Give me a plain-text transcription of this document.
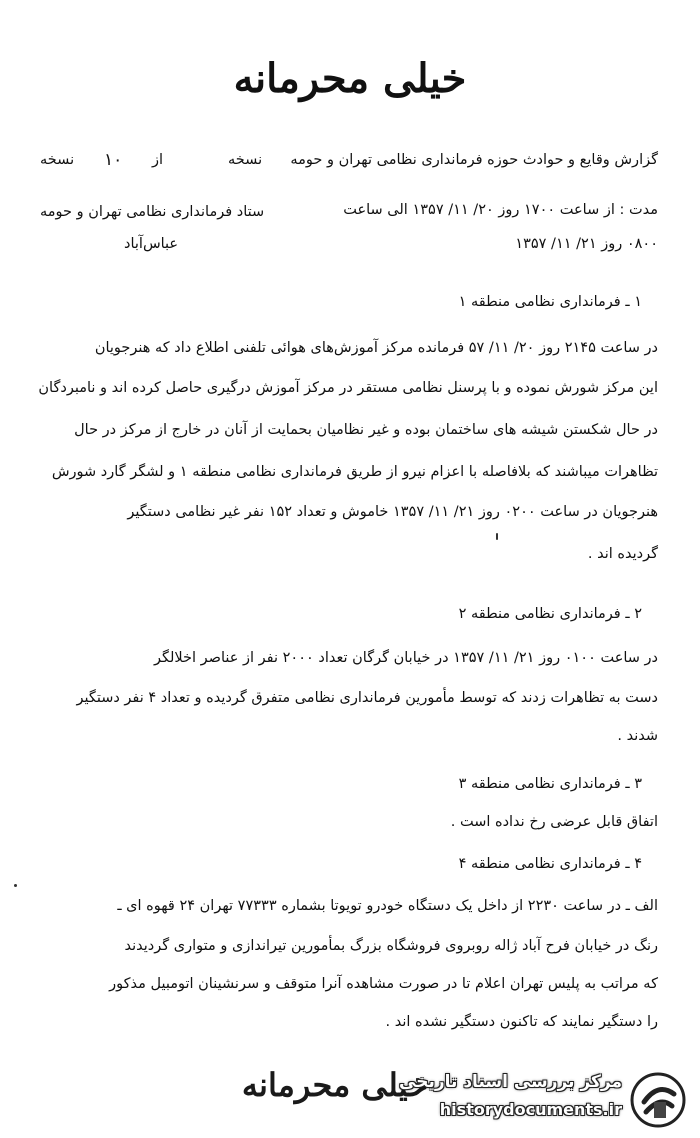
خیلی محرمانه
گزارش وقایع و حوادث حوزه فرمانداری نظامی تهران و حومه
نسخه
از
۱۰
نسخه
مدت : از ساعت ۱۷۰۰ روز ۲۰/ ۱۱/ ۱۳۵۷ الی ساعت
ستاد فرمانداری نظامی تهران و حومه
۰۸۰۰ روز ۲۱/ ۱۱/ ۱۳۵۷
عباس‌آباد
۱ ـ فرمانداری نظامی منطقه ۱
در ساعت ۲۱۴۵ روز ۲۰/ ۱۱/ ۵۷ فرمانده مرکز آموزش‌های هوائی تلفنی اطلاع داد که هنرجویان
این مرکز شورش نموده و با پرسنل نظامی مستقر در مرکز آموزش درگیری حاصل کرده اند و نامبردگان
در حال شکستن شیشه های ساختمان بوده و غیر نظامیان بحمایت از آنان در خارج از مرکز در حال
تظاهرات میباشند که بلافاصله با اعزام نیرو از طریق فرمانداری نظامی منطقه ۱ و لشگر گارد شورش
هنرجویان در ساعت ۰۲۰۰ روز ۲۱/ ۱۱/ ۱۳۵۷ خاموش و تعداد ۱۵۲ نفر غیر نظامی دستگیر
گردیده اند .
۲ ـ فرمانداری نظامی منطقه ۲
در ساعت ۰۱۰۰ روز ۲۱/ ۱۱/ ۱۳۵۷ در خیابان گرگان تعداد ۲۰۰۰ نفر از عناصر اخلالگر
دست به تظاهرات زدند که توسط مأمورین فرمانداری نظامی متفرق گردیده و تعداد ۴ نفر دستگیر
شدند .
۳ ـ فرمانداری نظامی منطقه ۳
اتفاق قابل عرضی رخ نداده است .
۴ ـ فرمانداری نظامی منطقه ۴
الف ـ در ساعت ۲۲۳۰ از داخل یک دستگاه خودرو تویوتا بشماره ۷۷۳۳۳ تهران ۲۴ قهوه ای ـ
رنگ در خیابان فرح آباد ژاله روبروی فروشگاه بزرگ بمأمورین تیراندازی و متواری گردیدند
که مراتب به پلیس تهران اعلام تا در صورت مشاهده آنرا متوقف و سرنشینان اتومبیل مذکور
را دستگیر نمایند که تاکنون دستگیر نشده اند .
خیلی محرمانه
مرکز بررسی اسناد تاریخی
historydocuments.ir
